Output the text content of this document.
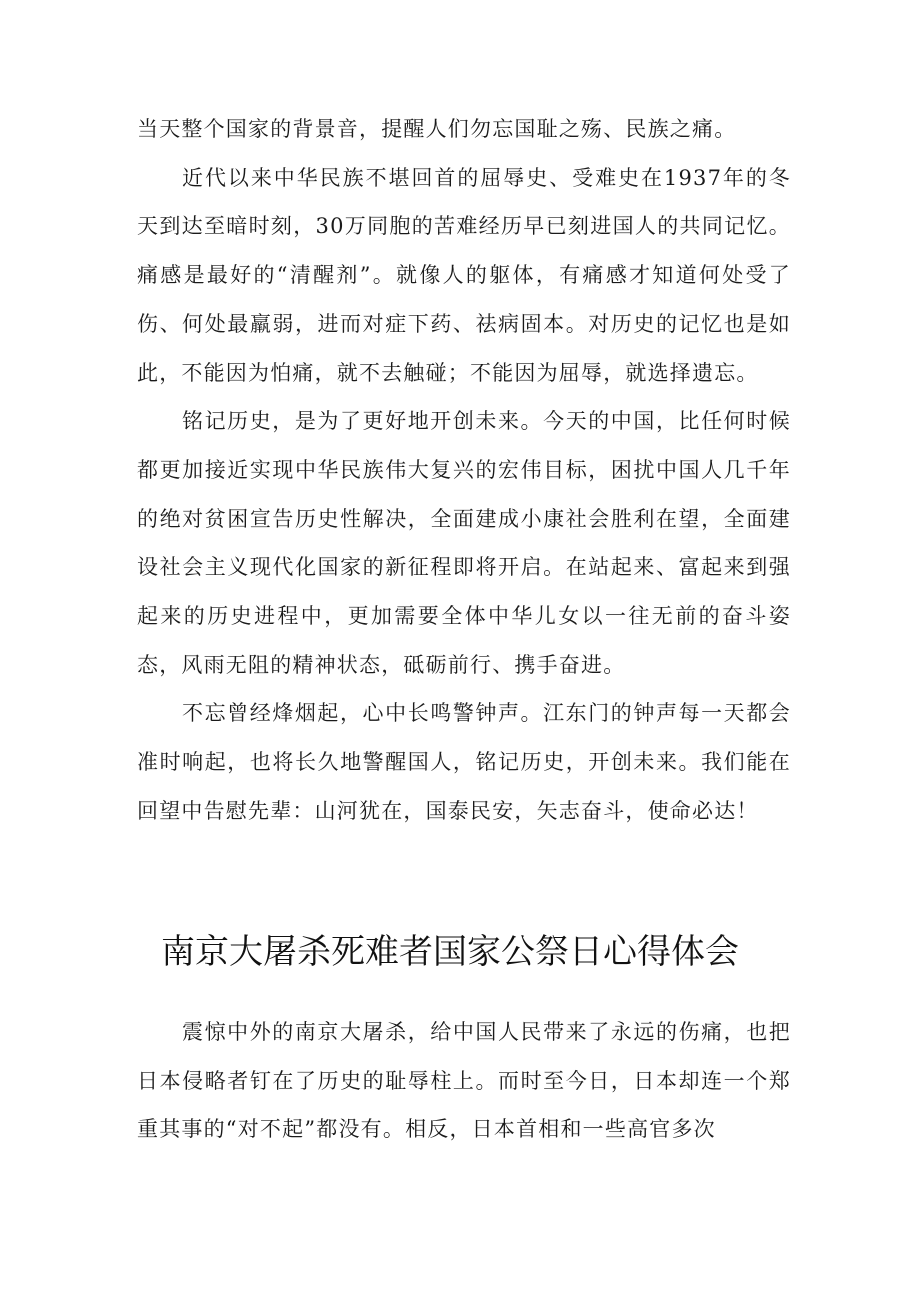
当天整个国家的背景音，提醒人们勿忘国耻之殇、民族之痛。

近代以来中华民族不堪回首的屈辱史、受难史在1937年的冬天到达至暗时刻，30万同胞的苦难经历早已刻进国人的共同记忆。痛感是最好的“清醒剂”。就像人的躯体，有痛感才知道何处受了伤、何处最羸弱，进而对症下药、祛病固本。对历史的记忆也是如此，不能因为怕痛，就不去触碰；不能因为屈辱，就选择遗忘。

铭记历史，是为了更好地开创未来。今天的中国，比任何时候都更加接近实现中华民族伟大复兴的宏伟目标，困扰中国人几千年的绝对贫困宣告历史性解决，全面建成小康社会胜利在望，全面建设社会主义现代化国家的新征程即将开启。在站起来、富起来到强起来的历史进程中，更加需要全体中华儿女以一往无前的奋斗姿态，风雨无阻的精神状态，砥砺前行、携手奋进。

不忘曾经烽烟起，心中长鸣警钟声。江东门的钟声每一天都会准时响起，也将长久地警醒国人，铭记历史，开创未来。我们能在回望中告慰先辈：山河犹在，国泰民安，矢志奋斗，使命必达！

南京大屠杀死难者国家公祭日心得体会

震惊中外的南京大屠杀，给中国人民带来了永远的伤痛，也把日本侵略者钉在了历史的耻辱柱上。而时至今日，日本却连一个郑重其事的“对不起”都没有。相反，日本首相和一些高官多次
